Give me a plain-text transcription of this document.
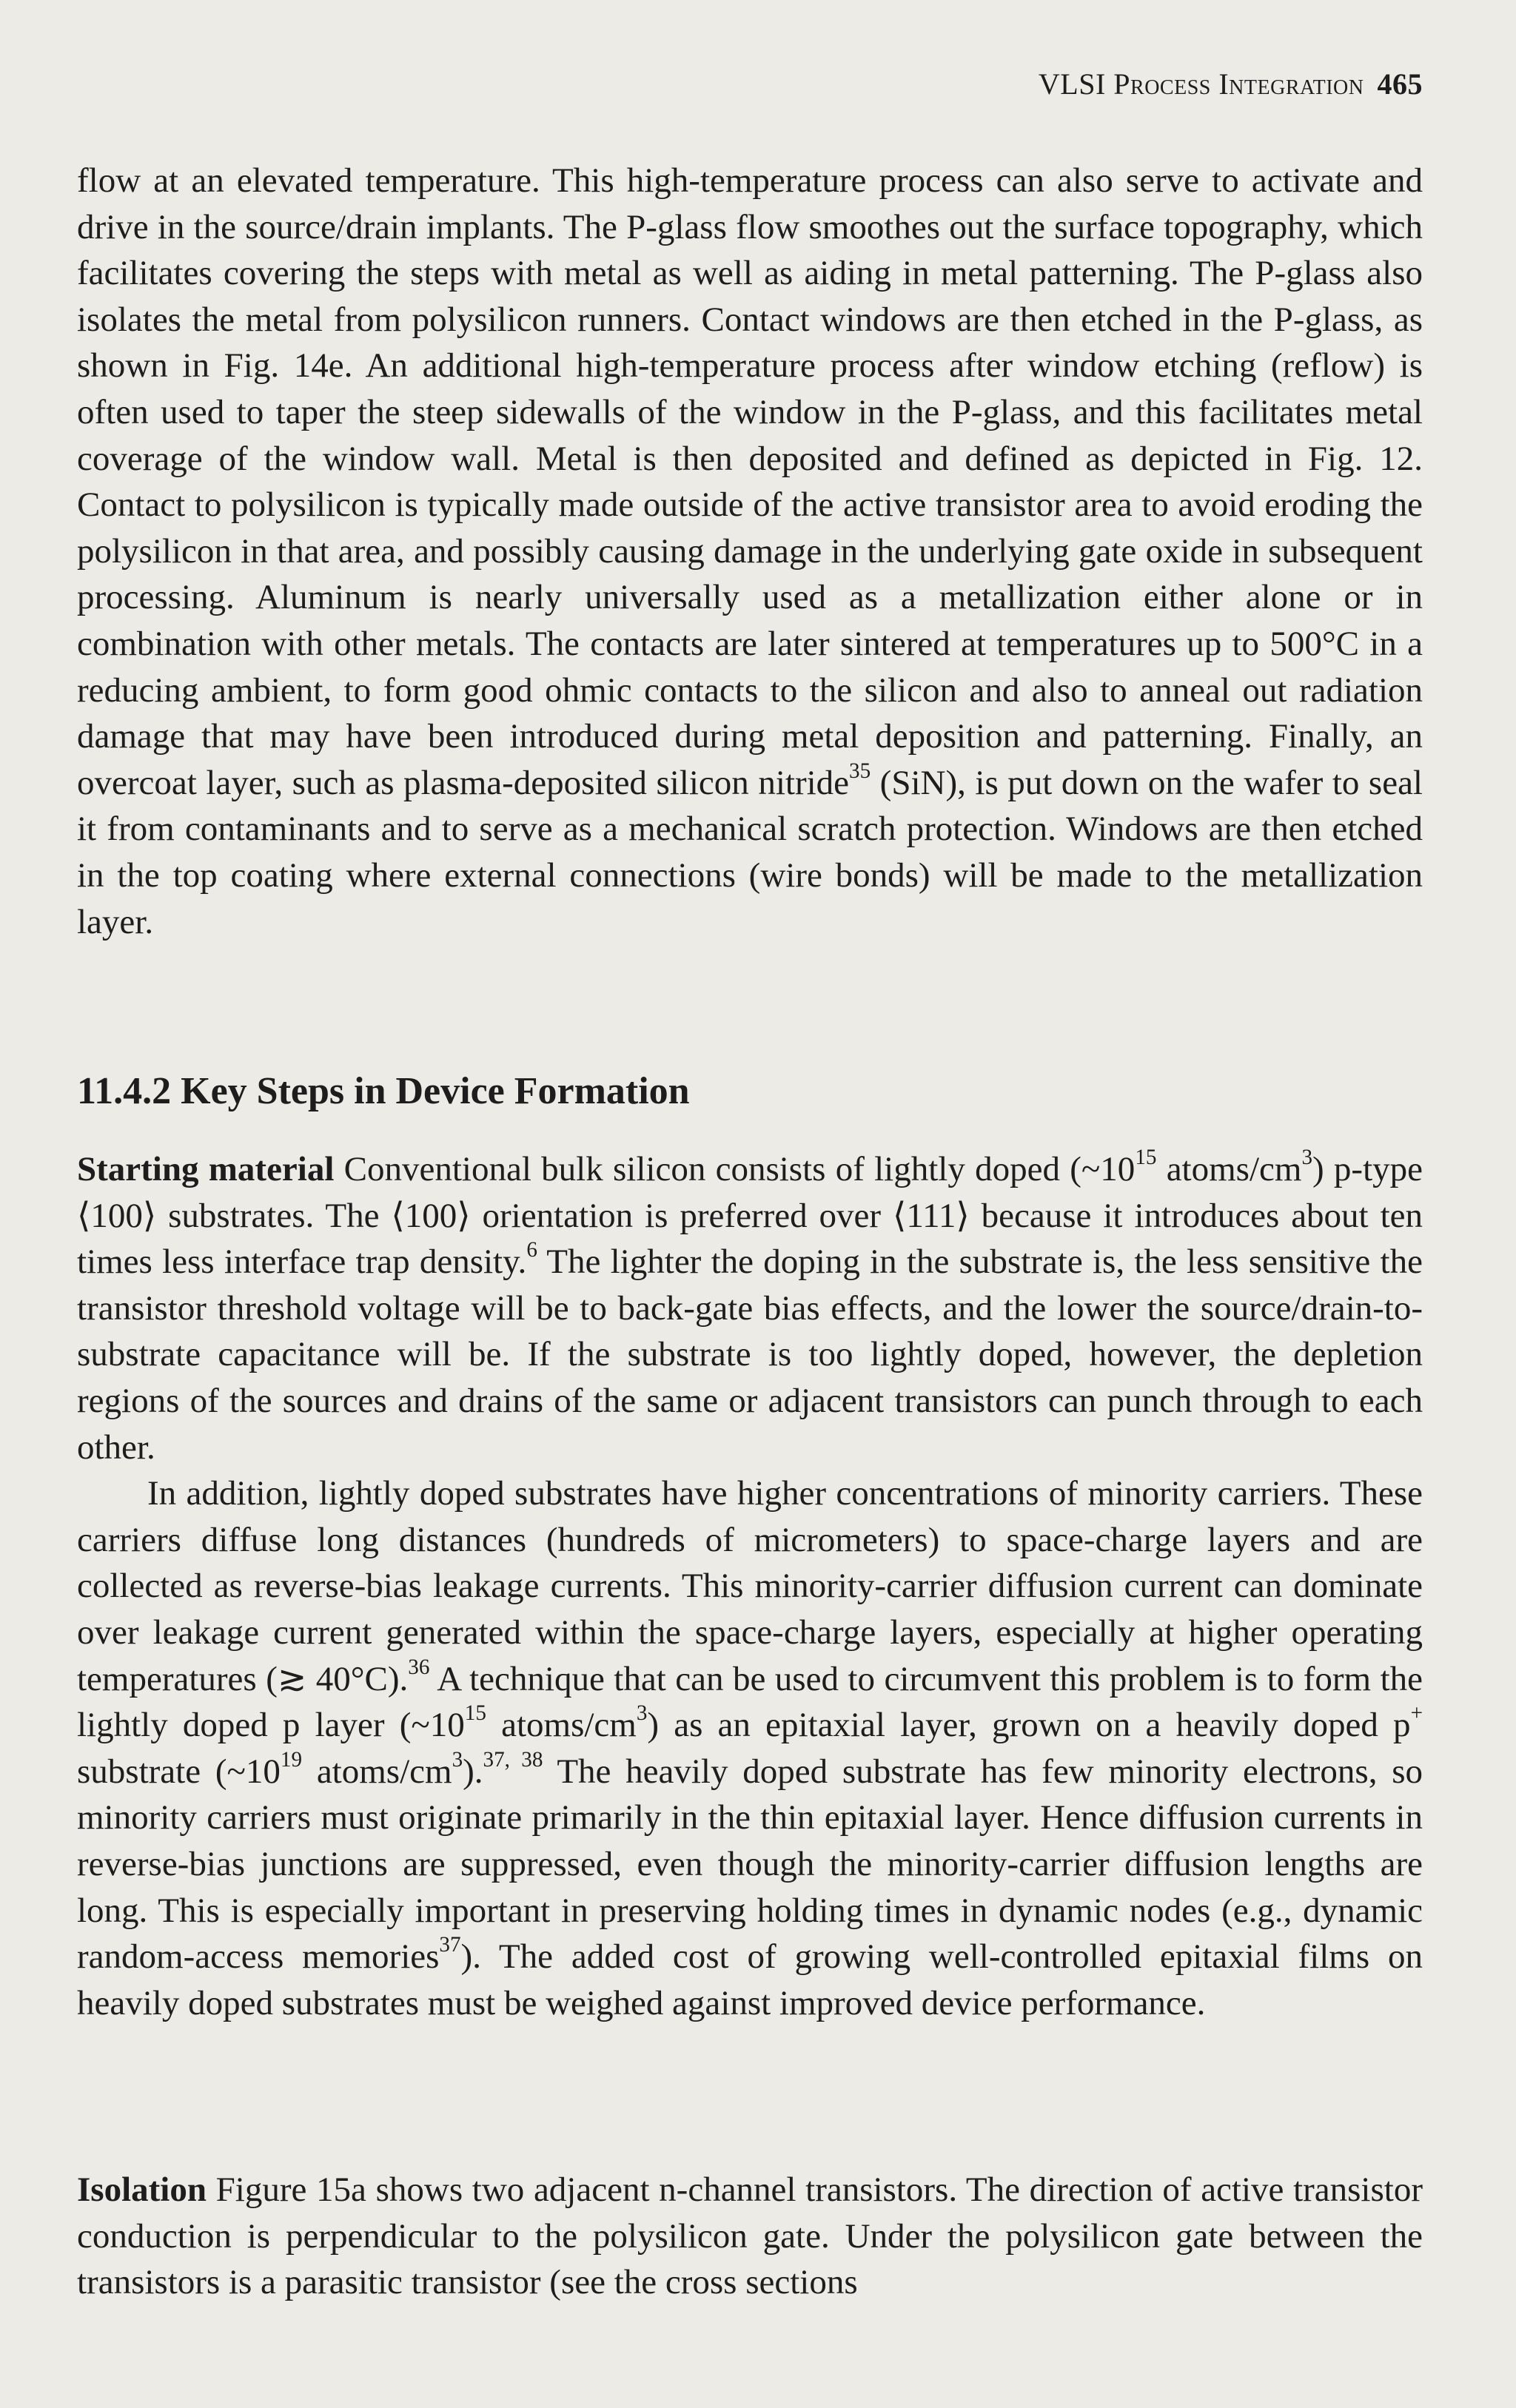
VLSI Process Integration 465

flow at an elevated temperature. This high-temperature process can also serve to activate and drive in the source/drain implants. The P-glass flow smoothes out the surface topography, which facilitates covering the steps with metal as well as aiding in metal patterning. The P-glass also isolates the metal from polysilicon runners. Contact windows are then etched in the P-glass, as shown in Fig. 14e. An additional high-temperature process after window etching (reflow) is often used to taper the steep sidewalls of the window in the P-glass, and this facilitates metal coverage of the window wall. Metal is then deposited and defined as depicted in Fig. 12. Contact to polysilicon is typically made outside of the active transistor area to avoid eroding the polysilicon in that area, and possibly causing damage in the underlying gate oxide in subsequent processing. Aluminum is nearly universally used as a metallization either alone or in combination with other metals. The contacts are later sintered at temperatures up to 500°C in a reducing ambient, to form good ohmic contacts to the silicon and also to anneal out radiation damage that may have been introduced during metal deposition and patterning. Finally, an overcoat layer, such as plasma-deposited silicon nitride$^{35}$ (SiN), is put down on the wafer to seal it from contaminants and to serve as a mechanical scratch protection. Windows are then etched in the top coating where external connections (wire bonds) will be made to the metallization layer.

11.4.2 Key Steps in Device Formation

Starting material Conventional bulk silicon consists of lightly doped ($\sim 10^{15}$ atoms/$cm^3$) p-type ⟨100⟩ substrates. The ⟨100⟩ orientation is preferred over ⟨111⟩ because it introduces about ten times less interface trap density.$^6$ The lighter the doping in the substrate is, the less sensitive the transistor threshold voltage will be to back-gate bias effects, and the lower the source/drain-to-substrate capacitance will be. If the substrate is too lightly doped, however, the depletion regions of the sources and drains of the same or adjacent transistors can punch through to each other.

In addition, lightly doped substrates have higher concentrations of minority carriers. These carriers diffuse long distances (hundreds of micrometers) to space-charge layers and are collected as reverse-bias leakage currents. This minority-carrier diffusion current can dominate over leakage current generated within the space-charge layers, especially at higher operating temperatures (≳ 40°C).$^{36}$ A technique that can be used to circumvent this problem is to form the lightly doped p layer ($\sim 10^{15}$ atoms/$cm^3$) as an epitaxial layer, grown on a heavily doped p+ substrate ($\sim 10^{19}$ atoms/$cm^3).^{37, 38}$ The heavily doped substrate has few minority electrons, so minority carriers must originate primarily in the thin epitaxial layer. Hence diffusion currents in reverse-bias junctions are suppressed, even though the minority-carrier diffusion lengths are long. This is especially important in preserving holding times in dynamic nodes (e.g., dynamic random-access memories$^{37}$). The added cost of growing well-controlled epitaxial films on heavily doped substrates must be weighed against improved device performance.

Isolation Figure 15a shows two adjacent n-channel transistors. The direction of active transistor conduction is perpendicular to the polysilicon gate. Under the polysilicon gate between the transistors is a parasitic transistor (see the cross sections
